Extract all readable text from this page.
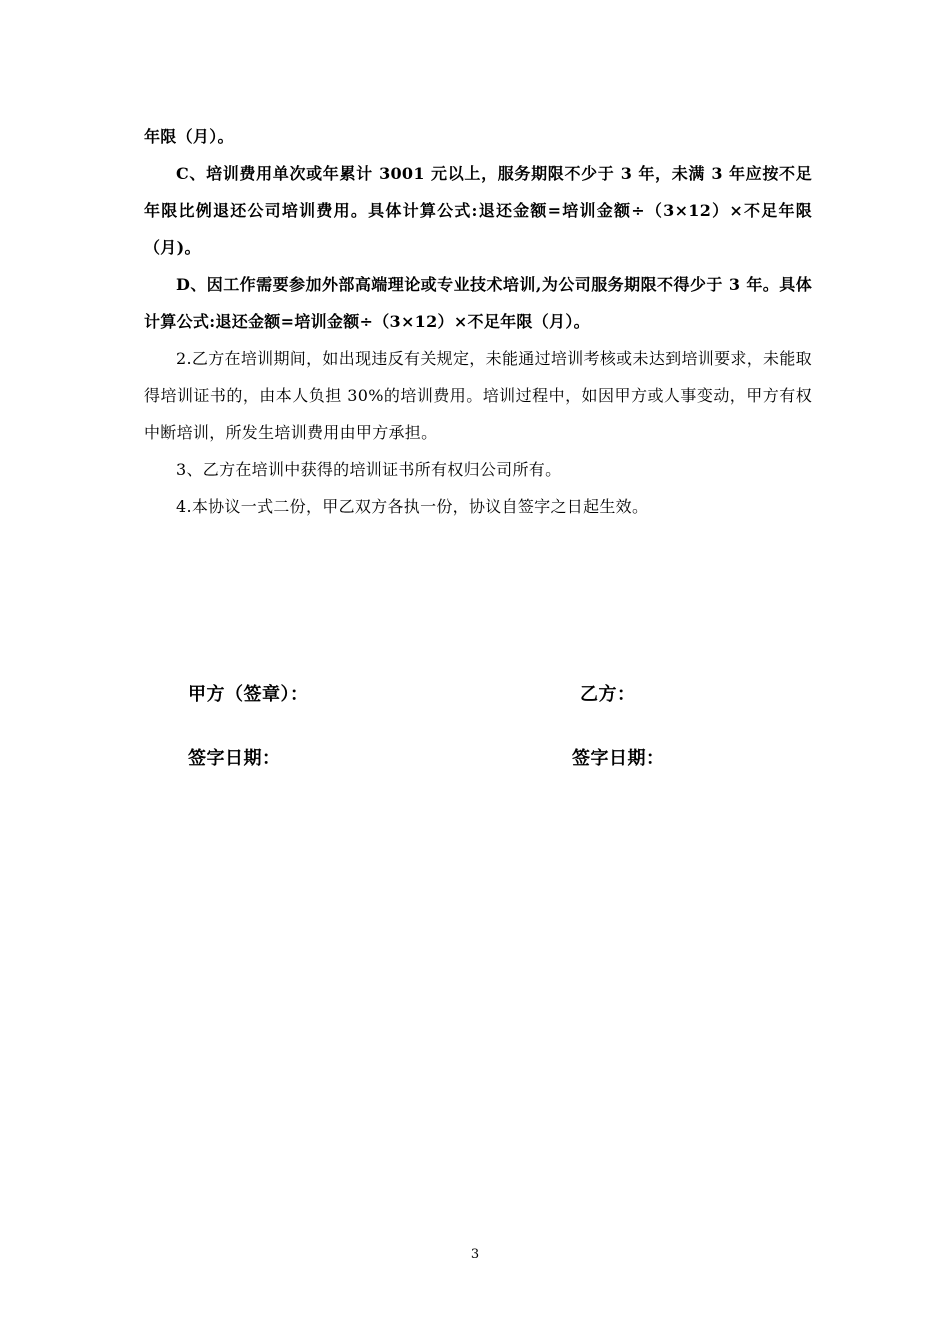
年限（月）。

C、培训费用单次或年累计 3001 元以上，服务期限不少于 3 年，未满 3 年应按不足年限比例退还公司培训费用。具体计算公式:退还金额=培训金额÷（3×12）×不足年限（月)。

D、因工作需要参加外部高端理论或专业技术培训,为公司服务期限不得少于 3 年。具体计算公式:退还金额=培训金额÷（3×12）×不足年限（月）。

2.乙方在培训期间，如出现违反有关规定，未能通过培训考核或未达到培训要求，未能取得培训证书的，由本人负担 30%的培训费用。培训过程中，如因甲方或人事变动，甲方有权中断培训，所发生培训费用由甲方承担。

3、乙方在培训中获得的培训证书所有权归公司所有。

4.本协议一式二份，甲乙双方各执一份，协议自签字之日起生效。

甲方（签章）：	乙方：
签字日期：	签字日期：
3
